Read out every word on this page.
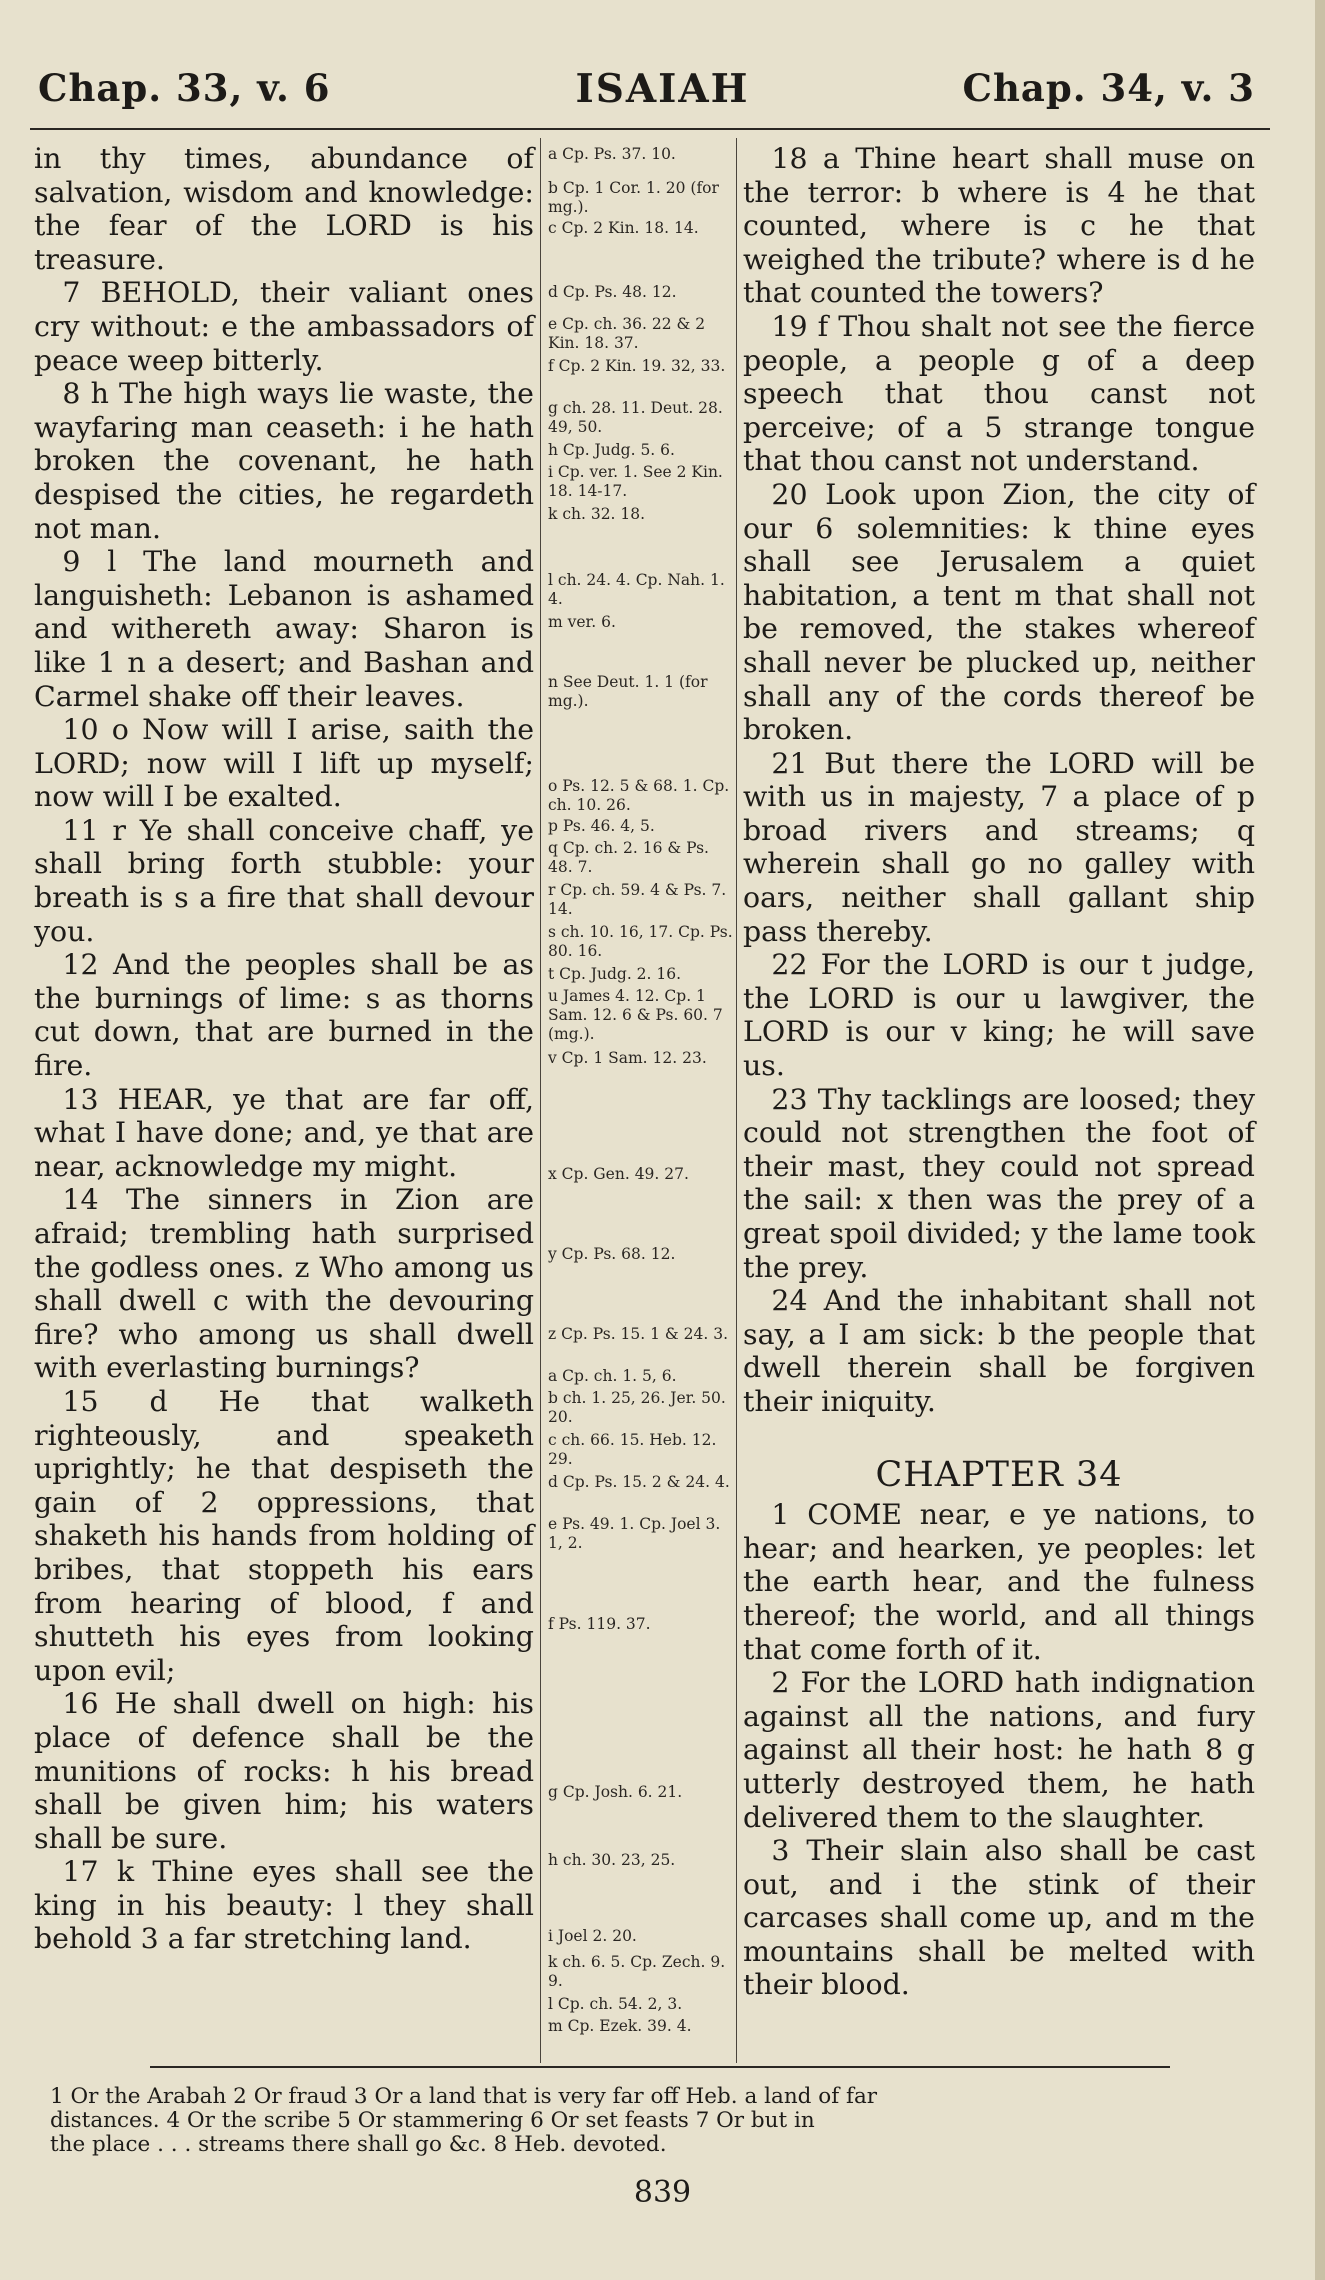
Chap. 33, v. 6	ISAIAH	Chap. 34, v. 3

in thy times, abundance of salvation, wisdom and knowledge: the fear of the LORD is his treasure.

7 BEHOLD, their valiant ones cry without: e the ambassadors of peace weep bitterly.

8 h The high ways lie waste, the wayfaring man ceaseth: i he hath broken the covenant, he hath despised the cities, he regardeth not man.

9 l The land mourneth and languisheth: Lebanon is ashamed and withereth away: Sharon is like 1 n a desert; and Bashan and Carmel shake off their leaves.

10 o Now will I arise, saith the LORD; now will I lift up myself; now will I be exalted.

11 r Ye shall conceive chaff, ye shall bring forth stubble: your breath is s a fire that shall devour you.

12 And the peoples shall be as the burnings of lime: s as thorns cut down, that are burned in the fire.

13 HEAR, ye that are far off, what I have done; and, ye that are near, acknowledge my might.

14 The sinners in Zion are afraid; trembling hath surprised the godless ones. z Who among us shall dwell c with the devouring fire? who among us shall dwell with everlasting burnings?

15 d He that walketh righteously, and speaketh uprightly; he that despiseth the gain of 2 oppressions, that shaketh his hands from holding of bribes, that stoppeth his ears from hearing of blood, f and shutteth his eyes from looking upon evil;

16 He shall dwell on high: his place of defence shall be the munitions of rocks: h his bread shall be given him; his waters shall be sure.

17 k Thine eyes shall see the king in his beauty: l they shall behold 3 a far stretching land.

a Cp. Ps. 37. 10.
b Cp. 1 Cor. 1. 20 (for mg.).
c Cp. 2 Kin. 18. 14.
d Cp. Ps. 48. 12.
e Cp. ch. 36. 22 & 2 Kin. 18. 37.
f Cp. 2 Kin. 19. 32, 33.
g ch. 28. 11. Deut. 28. 49, 50.
h Cp. Judg. 5. 6.
i Cp. ver. 1. See 2 Kin. 18. 14-17.
k ch. 32. 18.
l ch. 24. 4. Cp. Nah. 1. 4.
m ver. 6.
n See Deut. 1. 1 (for mg.).
o Ps. 12. 5 & 68. 1. Cp. ch. 10. 26.
p Ps. 46. 4, 5.
q Cp. ch. 2. 16 & Ps. 48. 7.
r Cp. ch. 59. 4 & Ps. 7. 14.
s ch. 10. 16, 17. Cp. Ps. 80. 16.
t Cp. Judg. 2. 16.
u James 4. 12. Cp. 1 Sam. 12. 6 & Ps. 60. 7 (mg.).
v Cp. 1 Sam. 12. 23.
x Cp. Gen. 49. 27.
y Cp. Ps. 68. 12.
z Cp. Ps. 15. 1 & 24. 3.
a Cp. ch. 1. 5, 6.
b ch. 1. 25, 26. Jer. 50. 20.
c ch. 66. 15. Heb. 12. 29.
d Cp. Ps. 15. 2 & 24. 4.
e Ps. 49. 1. Cp. Joel 3. 1, 2.
f Ps. 119. 37.
g Cp. Josh. 6. 21.
h ch. 30. 23, 25.
i Joel 2. 20.
k ch. 6. 5. Cp. Zech. 9. 9.
l Cp. ch. 54. 2, 3.
m Cp. Ezek. 39. 4.

18 a Thine heart shall muse on the terror: b where is 4 he that counted, where is c he that weighed the tribute? where is d he that counted the towers?

19 f Thou shalt not see the fierce people, a people g of a deep speech that thou canst not perceive; of a 5 strange tongue that thou canst not understand.

20 Look upon Zion, the city of our 6 solemnities: k thine eyes shall see Jerusalem a quiet habitation, a tent m that shall not be removed, the stakes whereof shall never be plucked up, neither shall any of the cords thereof be broken.

21 But there the LORD will be with us in majesty, 7 a place of p broad rivers and streams; q wherein shall go no galley with oars, neither shall gallant ship pass thereby.

22 For the LORD is our t judge, the LORD is our u lawgiver, the LORD is our v king; he will save us.

23 Thy tacklings are loosed; they could not strengthen the foot of their mast, they could not spread the sail: x then was the prey of a great spoil divided; y the lame took the prey.

24 And the inhabitant shall not say, a I am sick: b the people that dwell therein shall be forgiven their iniquity.

CHAPTER 34

1 COME near, e ye nations, to hear; and hearken, ye peoples: let the earth hear, and the fulness thereof; the world, and all things that come forth of it.

2 For the LORD hath indignation against all the nations, and fury against all their host: he hath 8 g utterly destroyed them, he hath delivered them to the slaughter.

3 Their slain also shall be cast out, and i the stink of their carcases shall come up, and m the mountains shall be melted with their blood.

1 Or the Arabah 2 Or fraud 3 Or a land that is very far off Heb. a land of far
distances. 4 Or the scribe 5 Or stammering 6 Or set feasts 7 Or but in
the place . . . streams there shall go &c. 8 Heb. devoted.
839
